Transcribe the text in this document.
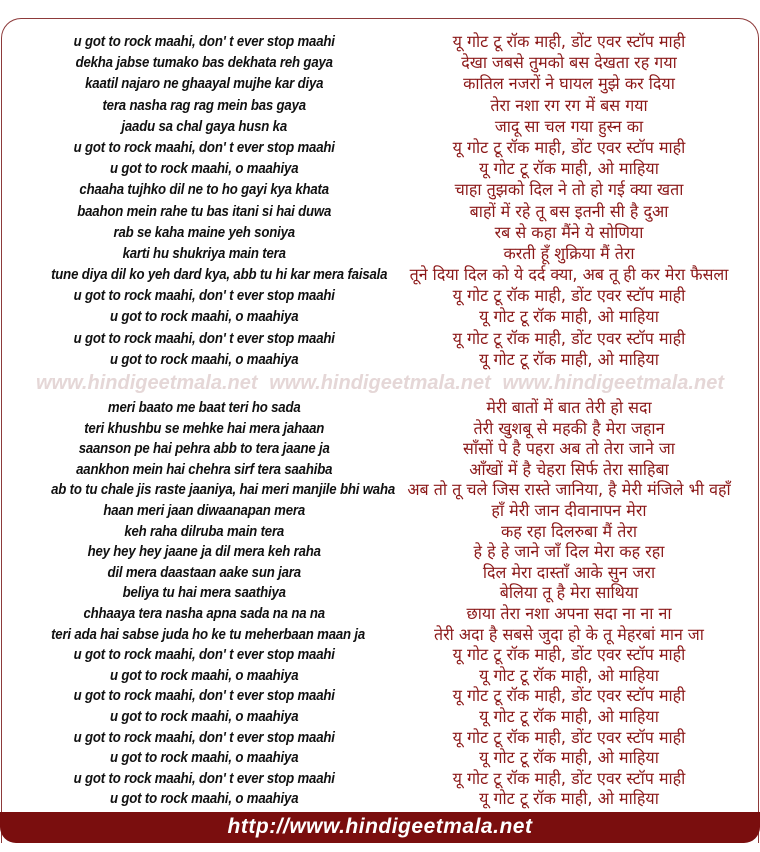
u got to rock maahi, don' t ever stop maahi	यू गोट टू रॉक माही, डोंट एवर स्टॉप माही
dekha jabse tumako bas dekhata reh gaya	देखा जबसे तुमको बस देखता रह गया
kaatil najaro ne ghaayal mujhe kar diya	कातिल नजरों ने घायल मुझे कर दिया
tera nasha rag rag mein bas gaya	तेरा नशा रग रग में बस गया
jaadu sa chal gaya husn ka	जादू सा चल गया हुस्न का
u got to rock maahi, don' t ever stop maahi	यू गोट टू रॉक माही, डोंट एवर स्टॉप माही
u got to rock maahi, o maahiya	यू गोट टू रॉक माही, ओ माहिया
chaaha tujhko dil ne to ho gayi kya khata	चाहा तुझको दिल ने तो हो गई क्या खता
baahon mein rahe tu bas itani si hai duwa	बाहों में रहे तू बस इतनी सी है दुआ
rab se kaha maine yeh soniya	रब से कहा मैंने ये सोणिया
karti hu shukriya main tera	करती हूँ शुक्रिया मैं तेरा
tune diya dil ko yeh dard kya, abb tu hi kar mera faisala	तूने दिया दिल को ये दर्द क्या, अब तू ही कर मेरा फैसला
u got to rock maahi, don' t ever stop maahi	यू गोट टू रॉक माही, डोंट एवर स्टॉप माही
u got to rock maahi, o maahiya	यू गोट टू रॉक माही, ओ माहिया
u got to rock maahi, don' t ever stop maahi	यू गोट टू रॉक माही, डोंट एवर स्टॉप माही
u got to rock maahi, o maahiya	यू गोट टू रॉक माही, ओ माहिया
www.hindigeetmala.net www.hindigeetmala.net www.hindigeetmala.net
meri baato me baat teri ho sada	मेरी बातों में बात तेरी हो सदा
teri khushbu se mehke hai mera jahaan	तेरी खुशबू से महकी है मेरा जहान
saanson pe hai pehra abb to tera jaane ja	साँसों पे है पहरा अब तो तेरा जाने जा
aankhon mein hai chehra sirf tera saahiba	आँखों में है चेहरा सिर्फ तेरा साहिबा
ab to tu chale jis raste jaaniya, hai meri manjile bhi waha अब तो तू चले जिस रास्ते जानिया, है मेरी मंजिले भी वहाँ
haan meri jaan diwaanapan mera	हाँ मेरी जान दीवानापन मेरा
keh raha dilruba main tera	कह रहा दिलरुबा मैं तेरा
hey hey hey jaane ja dil mera keh raha	हे हे हे जाने जाँ दिल मेरा कह रहा
dil mera daastaan aake sun jara	दिल मेरा दास्ताँ आके सुन जरा
beliya tu hai mera saathiya	बेलिया तू है मेरा साथिया
chhaaya tera nasha apna sada na na na	छाया तेरा नशा अपना सदा ना ना ना
teri ada hai sabse juda ho ke tu meherbaan maan ja	तेरी अदा है सबसे जुदा हो के तू मेहरबां मान जा
u got to rock maahi, don' t ever stop maahi	यू गोट टू रॉक माही, डोंट एवर स्टॉप माही
u got to rock maahi, o maahiya	यू गोट टू रॉक माही, ओ माहिया
u got to rock maahi, don' t ever stop maahi	यू गोट टू रॉक माही, डोंट एवर स्टॉप माही
u got to rock maahi, o maahiya	यू गोट टू रॉक माही, ओ माहिया
u got to rock maahi, don' t ever stop maahi	यू गोट टू रॉक माही, डोंट एवर स्टॉप माही
u got to rock maahi, o maahiya	यू गोट टू रॉक माही, ओ माहिया
u got to rock maahi, don' t ever stop maahi	यू गोट टू रॉक माही, डोंट एवर स्टॉप माही
u got to rock maahi, o maahiya	यू गोट टू रॉक माही, ओ माहिया
http://www.hindigeetmala.net
